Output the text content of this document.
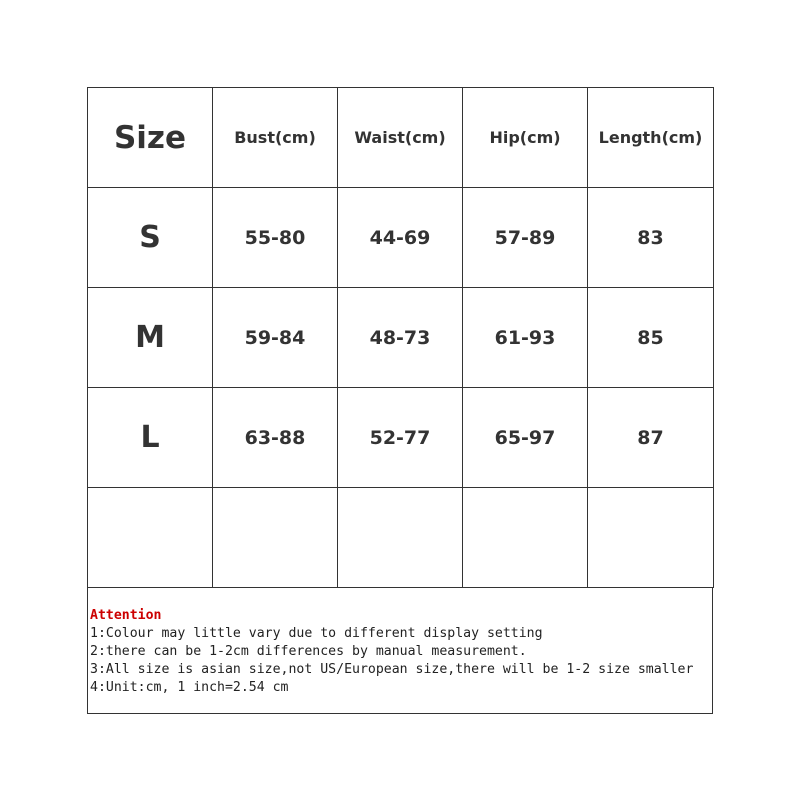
Size	Bust(cm)	Waist(cm)	Hip(cm)	Length(cm)
S	55-80	44-69	57-89	83
M	59-84	48-73	61-93	85
L	63-88	52-77	65-97	87

Attention
1:Colour may little vary due to different display setting
2:there can be 1-2cm differences by manual measurement.
3:All size is asian size,not US/European size,there will be 1-2 size smaller
4:Unit:cm, 1 inch=2.54 cm
